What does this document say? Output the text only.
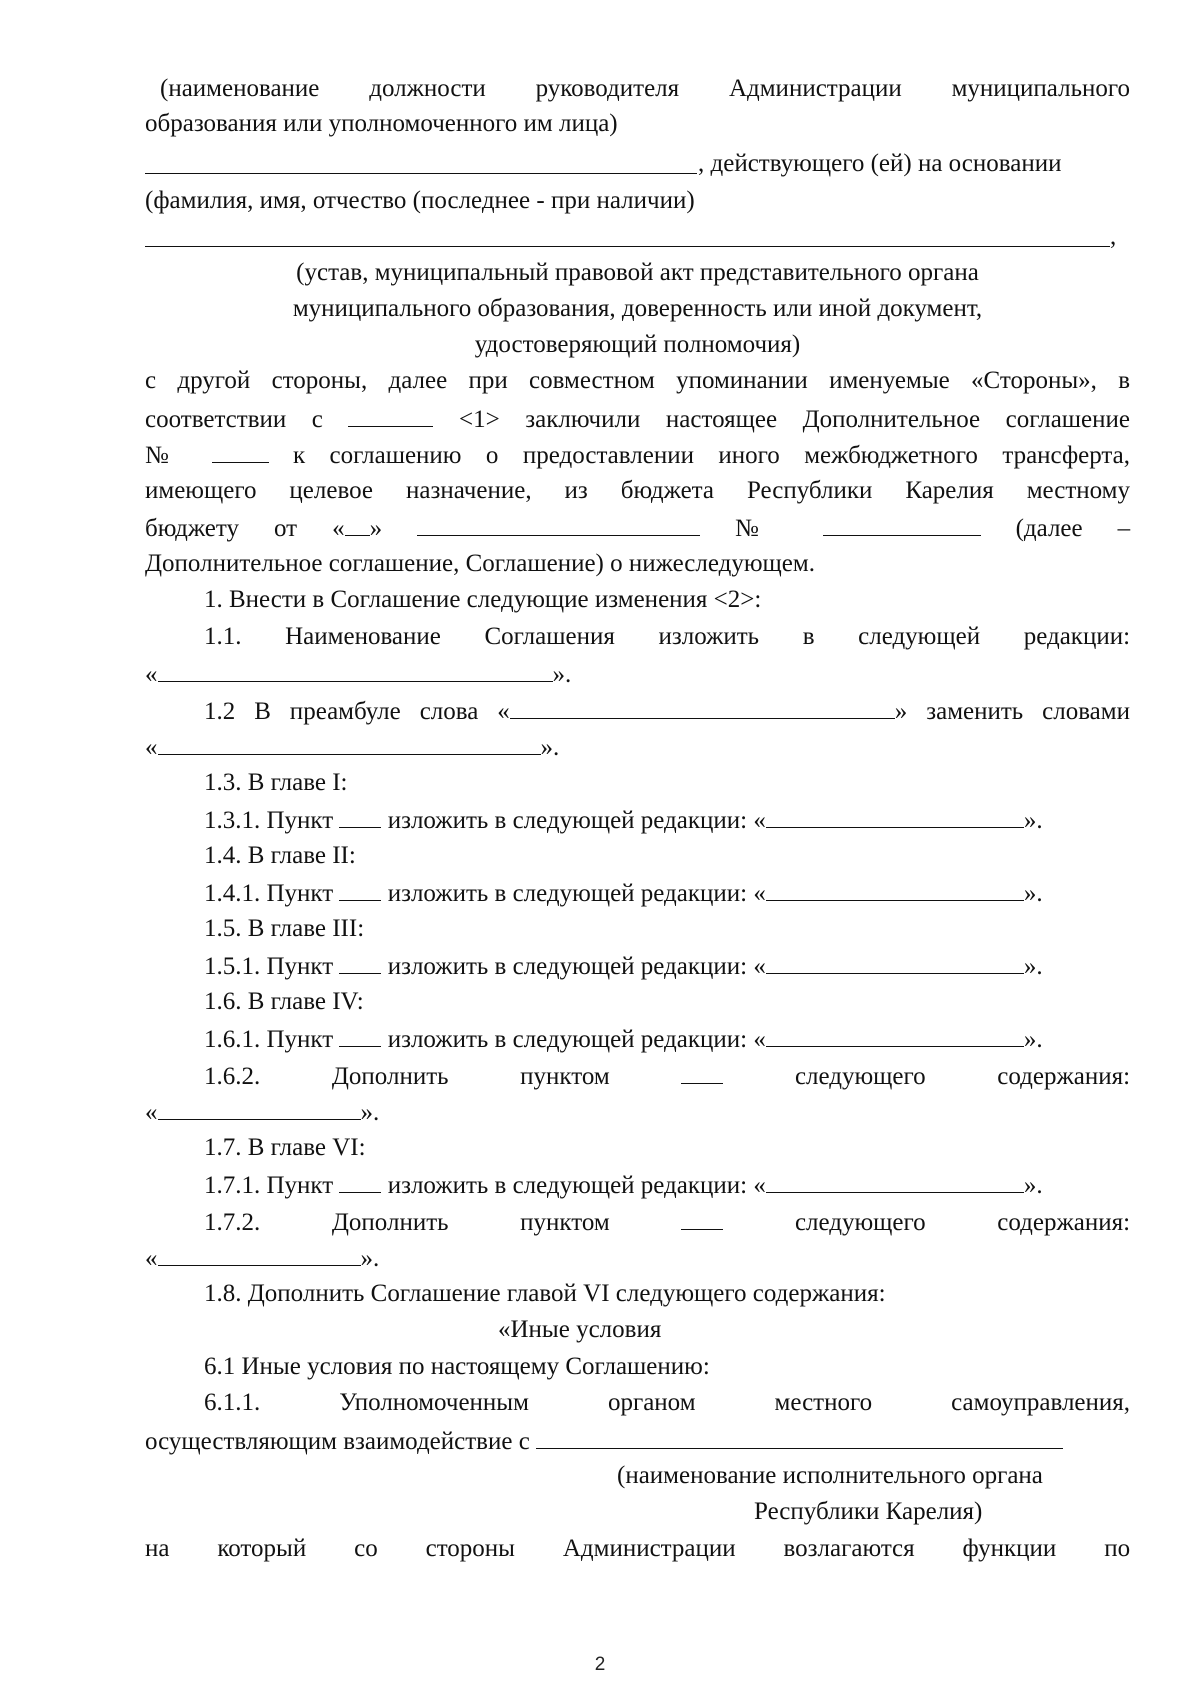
(наименование должности руководителя Администрации муниципального
образования или уполномоченного им лица)
, действующего (ей) на основании
(фамилия, имя, отчество (последнее - при наличии)
,
(устав, муниципальный правовой акт представительного органа
муниципального образования, доверенность или иной документ,
удостоверяющий полномочия)
с другой стороны, далее при совместном упоминании именуемые «Стороны», в
соответствии с	<1> заключили настоящее Дополнительное соглашение
№	к соглашению о предоставлении иного межбюджетного трансферта,
имеющего целевое назначение, из бюджета Республики Карелия местному
бюджету от « »	№	(далее –
Дополнительное соглашение, Соглашение) о нижеследующем.
1. Внести в Соглашение следующие изменения <2>:
1.1. Наименование Соглашения изложить в следующей редакции:
«	».
1.2 В преамбуле слова «	» заменить словами
«	».
1.3. В главе I:
1.3.1. Пункт изложить в следующей редакции: «	».
1.4. В главе II:
1.4.1. Пункт изложить в следующей редакции: «	».
1.5. В главе III:
1.5.1. Пункт изложить в следующей редакции: «	».
1.6. В главе IV:
1.6.1. Пункт изложить в следующей редакции: «	».
1.6.2.	Дополнить	пунктом	следующего	содержания:
«	».
1.7. В главе VI:
1.7.1. Пункт изложить в следующей редакции: «	».
1.7.2.	Дополнить	пунктом	следующего	содержания:
«	».
1.8. Дополнить Соглашение главой VI следующего содержания:
«Иные условия
6.1 Иные условия по настоящему Соглашению:
6.1.1.	Уполномоченным	органом	местного	самоуправления,
осуществляющим взаимодействие с
(наименование исполнительного органа
Республики Карелия)
на который со стороны Администрации возлагаются функции по
2
